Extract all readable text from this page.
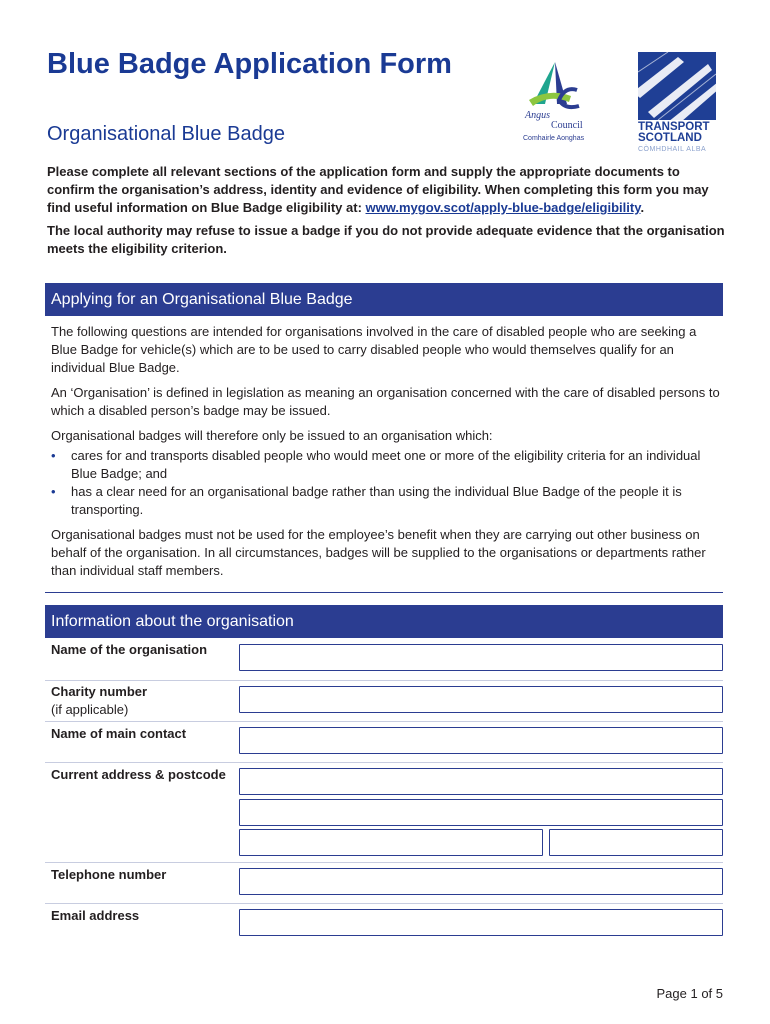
Blue Badge Application Form
Organisational Blue Badge
Angus
Council
Comhairle Aonghas
TRANSPORT
SCOTLAND
CÒMHDHAIL ALBA

Please complete all relevant sections of the application form and supply the appropriate documents to confirm the organisation’s address, identity and evidence of eligibility. When completing this form you may find useful information on Blue Badge eligibility at: www.mygov.scot/apply-blue-badge/eligibility.

The local authority may refuse to issue a badge if you do not provide adequate evidence that the organisation meets the eligibility criterion.

Applying for an Organisational Blue Badge

The following questions are intended for organisations involved in the care of disabled people who are seeking a Blue Badge for vehicle(s) which are to be used to carry disabled people who would themselves qualify for an individual Blue Badge.

An ‘Organisation’ is defined in legislation as meaning an organisation concerned with the care of disabled persons to which a disabled person’s badge may be issued.

Organisational badges will therefore only be issued to an organisation which:

• cares for and transports disabled people who would meet one or more of the eligibility criteria for an individual Blue Badge; and
• has a clear need for an organisational badge rather than using the individual Blue Badge of the people it is transporting.

Organisational badges must not be used for the employee’s benefit when they are carrying out other business on behalf of the organisation. In all circumstances, badges will be supplied to the organisations or departments rather than individual staff members.

Information about the organisation
Name of the organisation
Charity number
(if applicable)
Name of main contact
Current address & postcode
Telephone number
Email address
Page 1 of 5
